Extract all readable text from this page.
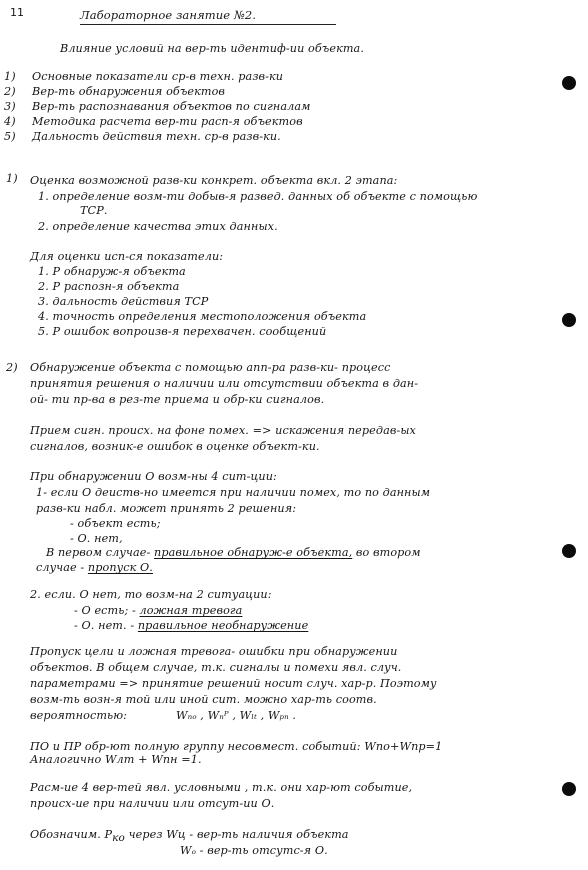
11	Лабораторное занятие №2.
Влияние условий на вер-ть идентиф-ии объекта.
1) Основные показатели ср-в техн. разв-ки
2) Вер-ть обнаружения объектов
3) Вер-ть распознавания объектов по сигналам
4) Методика расчета вер-ти расп-я объектов
5) Дальность действия техн. ср-в разв-ки.
1) Оценка возможной разв-ки конкрет. объекта вкл. 2 этапа:
1. определение возм-ти добыв-я развед. данных об объекте с помощью
ТСР.
2. определение качества этих данных.
Для оценки исп-ся показатели:
1. Р обнаруж-я объекта
2. Р распозн-я объекта
3. дальность действия ТСР
4. точность определения местоположения объекта
5. Р ошибок вопроизв-я перехвачен. сообщений
2) Обнаружение объекта с помощью апп-ра разв-ки- процесс
принятия решения о наличии или отсутствии объекта в дан-
ой- ти пр-ва в рез-те приема и обр-ки сигналов.
Прием сигн. происх. на фоне помех. => искажения передав-ых
сигналов, возник-е ошибок в оценке объект-ки.
При обнаружении О возм-ны 4 сит-ции:
1- если О деиств-но имеется при наличии помех, то по данным
разв-ки набл. может принять 2 решения:
- объект есть;
- О. нет,
В первом случае- правильное обнаруж-е объекта, во втором
случае - пропуск О.
2. если. О нет, то возм-на 2 ситуации:
- О есть; - ложная тревога
- О. нет. - правильное необнаружение
Пропуск цели и ложная тревога- ошибки при обнаружении
объектов. В общем случае, т.к. сигналы и помехи явл. случ.
параметрами => принятие решений носит случ. хар-р. Поэтому
возм-ть возн-я той или иной сит. можно хар-ть соотв.
вероятностью:	Wₙₒ , Wₙᴾ , Wₗₜ , Wₚₙ .
ПО и ПР обр-ют полную группу несовмест. событий: Wпо+Wпр=1
Аналогично Wлт + Wпн =1.
Расм-ие 4 вер-тей явл. условными , т.к. они хар-ют событие,
происх-ие при наличии или отсут-ии О.
Обозначим. $Р_{ко}$ через Wц - вер-ть наличия объекта
Wₒ - вер-ть отсутс-я О.
